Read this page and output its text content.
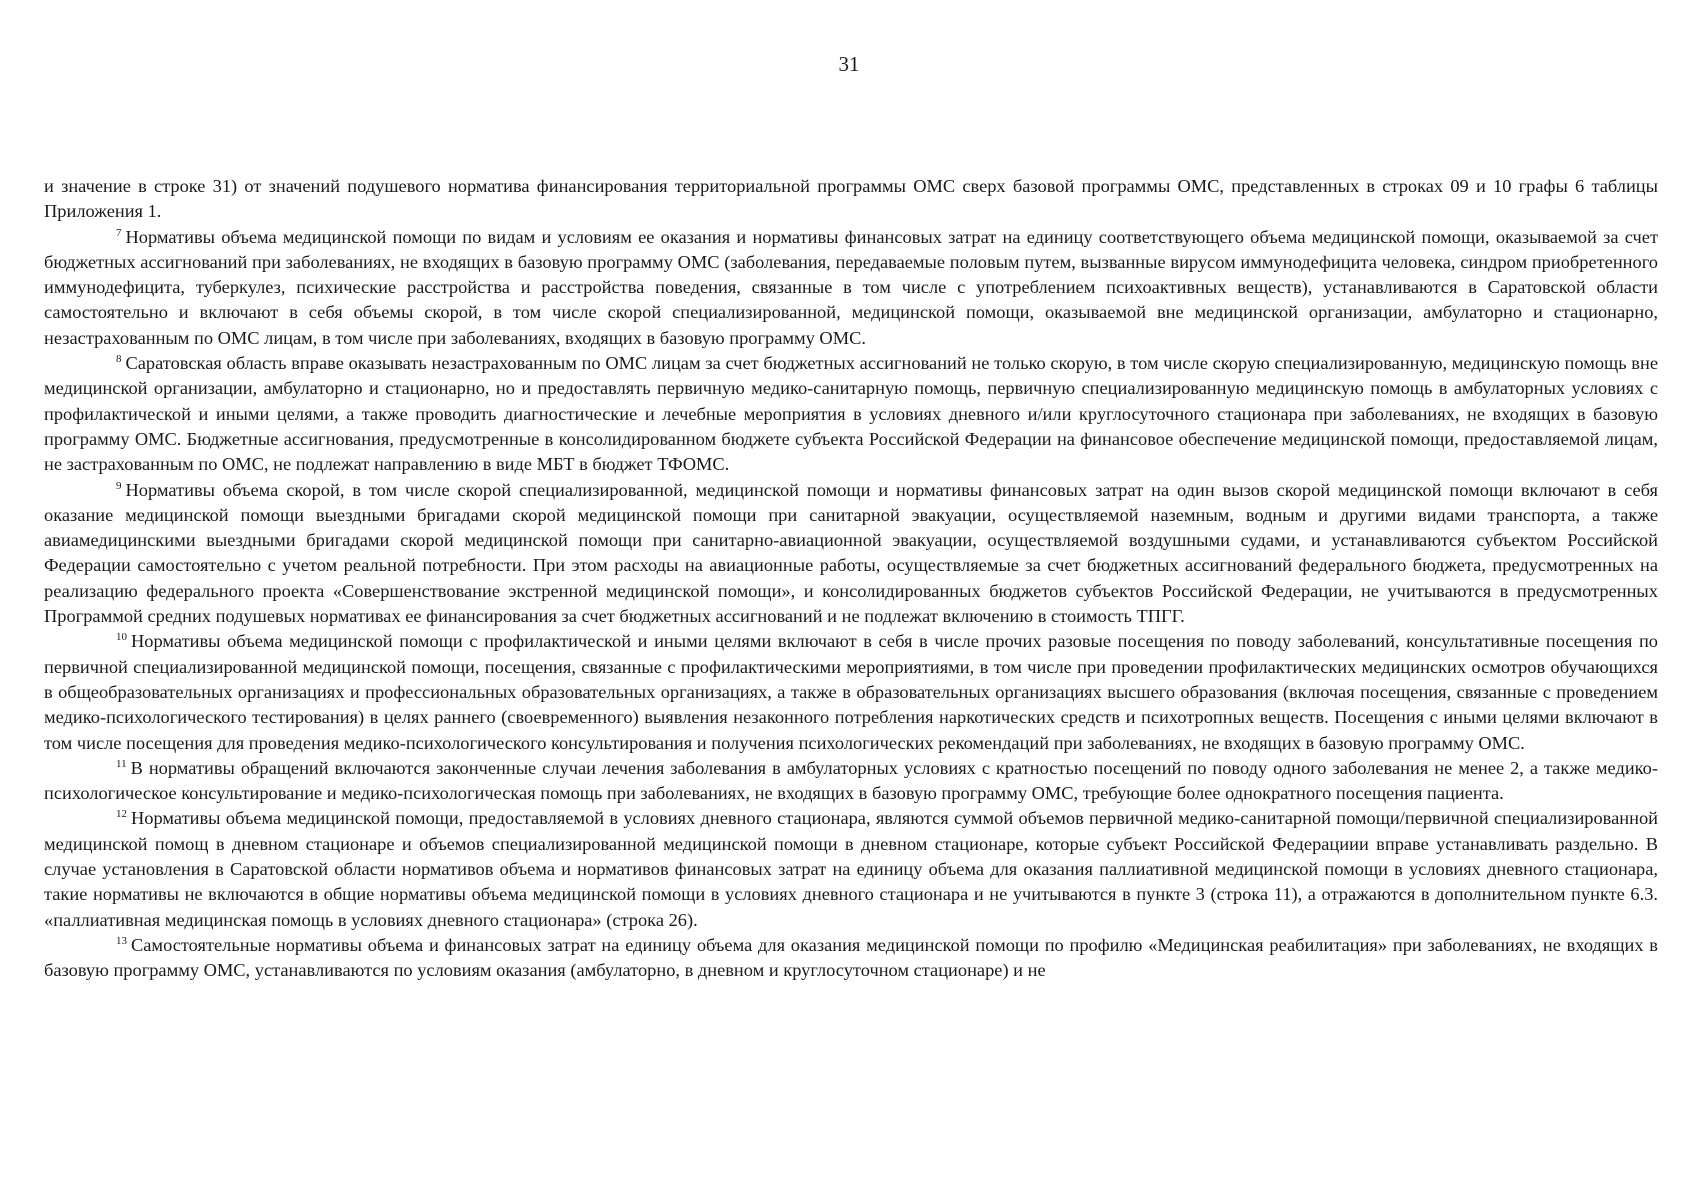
31

и значение в строке 31) от значений подушевого норматива финансирования территориальной программы ОМС сверх базовой программы ОМС, представленных в строках 09 и 10 графы 6 таблицы Приложения 1.

$^7$ Нормативы объема медицинской помощи по видам и условиям ее оказания и нормативы финансовых затрат на единицу соответствующего объема медицинской помощи, оказываемой за счет бюджетных ассигнований при заболеваниях, не входящих в базовую программу ОМС (заболевания, передаваемые половым путем, вызванные вирусом иммунодефицита человека, синдром приобретенного иммунодефицита, туберкулез, психические расстройства и расстройства поведения, связанные в том числе с употреблением психоактивных веществ), устанавливаются в Саратовской области самостоятельно и включают в себя объемы скорой, в том числе скорой специализированной, медицинской помощи, оказываемой вне медицинской организации, амбулаторно и стационарно, незастрахованным по ОМС лицам, в том числе при заболеваниях, входящих в базовую программу ОМС.

$^8$ Саратовская область вправе оказывать незастрахованным по ОМС лицам за счет бюджетных ассигнований не только скорую, в том числе скорую специализированную, медицинскую помощь вне медицинской организации, амбулаторно и стационарно, но и предоставлять первичную медико-санитарную помощь, первичную специализированную медицинскую помощь в амбулаторных условиях с профилактической и иными целями, а также проводить диагностические и лечебные мероприятия в условиях дневного и/или круглосуточного стационара при заболеваниях, не входящих в базовую программу ОМС. Бюджетные ассигнования, предусмотренные в консолидированном бюджете субъекта Российской Федерации на финансовое обеспечение медицинской помощи, предоставляемой лицам, не застрахованным по ОМС, не подлежат направлению в виде МБТ в бюджет ТФОМС.

$^9$ Нормативы объема скорой, в том числе скорой специализированной, медицинской помощи и нормативы финансовых затрат на один вызов скорой медицинской помощи включают в себя оказание медицинской помощи выездными бригадами скорой медицинской помощи при санитарной эвакуации, осуществляемой наземным, водным и другими видами транспорта, а также авиамедицинскими выездными бригадами скорой медицинской помощи при санитарно-авиационной эвакуации, осуществляемой воздушными судами, и устанавливаются субъектом Российской Федерации самостоятельно с учетом реальной потребности. При этом расходы на авиационные работы, осуществляемые за счет бюджетных ассигнований федерального бюджета, предусмотренных на реализацию федерального проекта «Совершенствование экстренной медицинской помощи», и консолидированных бюджетов субъектов Российской Федерации, не учитываются в предусмотренных Программой средних подушевых нормативах ее финансирования за счет бюджетных ассигнований и не подлежат включению в стоимость ТПГГ.

$^{10}$ Нормативы объема медицинской помощи с профилактической и иными целями включают в себя в числе прочих разовые посещения по поводу заболеваний, консультативные посещения по первичной специализированной медицинской помощи, посещения, связанные с профилактическими мероприятиями, в том числе при проведении профилактических медицинских осмотров обучающихся в общеобразовательных организациях и профессиональных образовательных организациях, а также в образовательных организациях высшего образования (включая посещения, связанные с проведением медико-психологического тестирования) в целях раннего (своевременного) выявления незаконного потребления наркотических средств и психотропных веществ. Посещения с иными целями включают в том числе посещения для проведения медико-психологического консультирования и получения психологических рекомендаций при заболеваниях, не входящих в базовую программу ОМС.

$^{11}$ В нормативы обращений включаются законченные случаи лечения заболевания в амбулаторных условиях с кратностью посещений по поводу одного заболевания не менее 2, а также медико-психологическое консультирование и медико-психологическая помощь при заболеваниях, не входящих в базовую программу ОМС, требующие более однократного посещения пациента.

$^{12}$ Нормативы объема медицинской помощи, предоставляемой в условиях дневного стационара, являются суммой объемов первичной медико-санитарной помощи/первичной специализированной медицинской помощ в дневном стационаре и объемов специализированной медицинской помощи в дневном стационаре, которые субъект Российской Федерациии вправе устанавливать раздельно. В случае установления в Саратовской области нормативов объема и нормативов финансовых затрат на единицу объема для оказания паллиативной медицинской помощи в условиях дневного стационара, такие нормативы не включаются в общие нормативы объема медицинской помощи в условиях дневного стационара и не учитываются в пункте 3 (строка 11), а отражаются в дополнительном пункте 6.3. «паллиативная медицинская помощь в условиях дневного стационара» (строка 26).

$^{13}$ Самостоятельные нормативы объема и финансовых затрат на единицу объема для оказания медицинской помощи по профилю «Медицинская реабилитация» при заболеваниях, не входящих в базовую программу ОМС, устанавливаются по условиям оказания (амбулаторно, в дневном и круглосуточном стационаре) и не
